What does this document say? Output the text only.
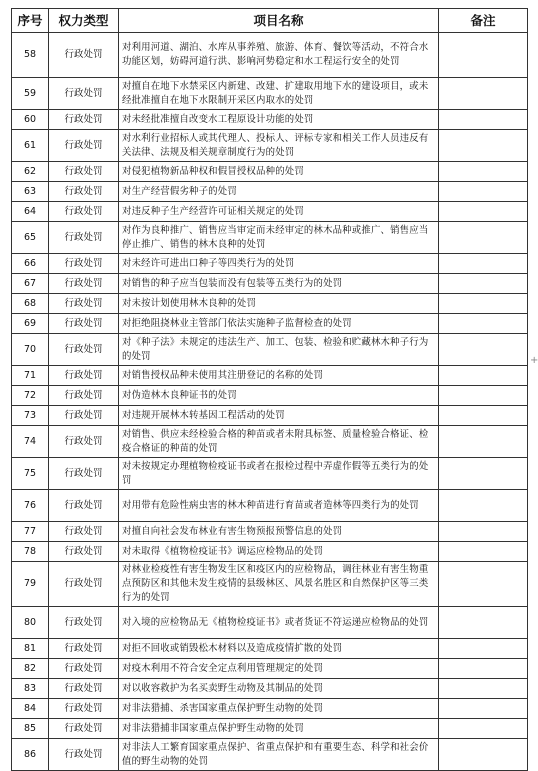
序号	权力类型	项目名称	备注
58	行政处罚	对利用河道、湖泊、水库从事养殖、旅游、体育、餐饮等活动，不符合水功能区划，妨碍河道行洪、影响河势稳定和水工程运行安全的处罚	
59	行政处罚	对擅自在地下水禁采区内新建、改建、扩建取用地下水的建设项目，或未经批准擅自在地下水限制开采区内取水的处罚	
60	行政处罚	对未经批准擅自改变水工程原设计功能的处罚	
61	行政处罚	对水利行业招标人或其代理人、投标人、评标专家和相关工作人员违反有关法律、法规及相关规章制度行为的处罚	
62	行政处罚	对侵犯植物新品种权和假冒授权品种的处罚	
63	行政处罚	对生产经营假劣种子的处罚	
64	行政处罚	对违反种子生产经营许可证相关规定的处罚	
65	行政处罚	对作为良种推广、销售应当审定而未经审定的林木品种或推广、销售应当停止推广、销售的林木良种的处罚	
66	行政处罚	对未经许可进出口种子等四类行为的处罚	
67	行政处罚	对销售的种子应当包装而没有包装等五类行为的处罚	
68	行政处罚	对未按计划使用林木良种的处罚	
69	行政处罚	对拒绝阻挠林业主管部门依法实施种子监督检查的处罚	
70	行政处罚	对《种子法》未规定的违法生产、加工、包装、检验和贮藏林木种子行为的处罚	
71	行政处罚	对销售授权品种未使用其注册登记的名称的处罚	
72	行政处罚	对伪造林木良种证书的处罚	
73	行政处罚	对违规开展林木转基因工程活动的处罚	
74	行政处罚	对销售、供应未经检验合格的种苗或者未附具标签、质量检验合格证、检疫合格证的种苗的处罚	
75	行政处罚	对未按规定办理植物检疫证书或者在报检过程中弄虚作假等五类行为的处罚	
76	行政处罚	对用带有危险性病虫害的林木种苗进行育苗或者造林等四类行为的处罚	
77	行政处罚	对擅自向社会发布林业有害生物预报预警信息的处罚	
78	行政处罚	对未取得《植物检疫证书》调运应检物品的处罚	
79	行政处罚	对林业检疫性有害生物发生区和疫区内的应检物品，调往林业有害生物重点预防区和其他未发生疫情的县级林区、风景名胜区和自然保护区等三类行为的处罚	
80	行政处罚	对入境的应检物品无《植物检疫证书》或者货证不符运递应检物品的处罚	
81	行政处罚	对拒不回收或销毁松木材料以及造成疫情扩散的处罚	
82	行政处罚	对疫木利用不符合安全定点利用管理规定的处罚	
83	行政处罚	对以收容救护为名买卖野生动物及其制品的处罚	
84	行政处罚	对非法猎捕、杀害国家重点保护野生动物的处罚	
85	行政处罚	对非法猎捕非国家重点保护野生动物的处罚	
86	行政处罚	对非法人工繁育国家重点保护、省重点保护和有重要生态、科学和社会价值的野生动物的处罚	
+
